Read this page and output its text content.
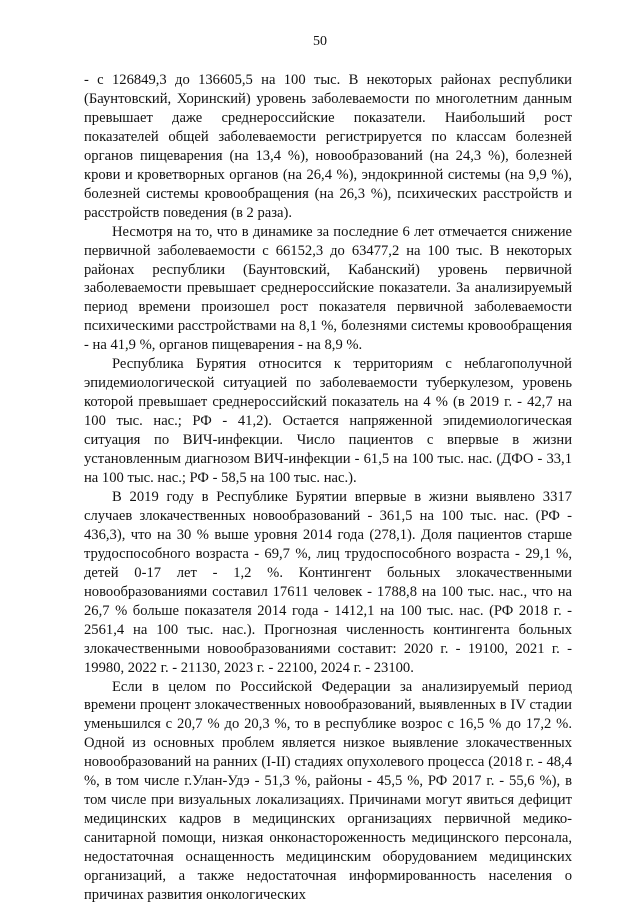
50

- с 126849,3 до 136605,5 на 100 тыс. В некоторых районах республики (Баунтовский, Хоринский) уровень заболеваемости по многолетним данным превышает даже среднероссийские показатели. Наибольший рост показателей общей заболеваемости регистрируется по классам болезней органов пищеварения (на 13,4 %), новообразований (на 24,3 %), болезней крови и кроветворных органов (на 26,4 %), эндокринной системы (на 9,9 %), болезней системы кровообращения (на 26,3 %), психических расстройств и расстройств поведения (в 2 раза).

Несмотря на то, что в динамике за последние 6 лет отмечается снижение первичной заболеваемости с 66152,3 до 63477,2 на 100 тыс. В некоторых районах республики (Баунтовский, Кабанский) уровень первичной заболеваемости превышает среднероссийские показатели. За анализируемый период времени произошел рост показателя первичной заболеваемости психическими расстройствами на 8,1 %, болезнями системы кровообращения - на 41,9 %, органов пищеварения - на 8,9 %.

Республика Бурятия относится к территориям с неблагополучной эпидемиологической ситуацией по заболеваемости туберкулезом, уровень которой превышает среднероссийский показатель на 4 % (в 2019 г. - 42,7 на 100 тыс. нас.; РФ - 41,2). Остается напряженной эпидемиологическая ситуация по ВИЧ-инфекции. Число пациентов с впервые в жизни установленным диагнозом ВИЧ-инфекции - 61,5 на 100 тыс. нас. (ДФО - 33,1 на 100 тыс. нас.; РФ - 58,5 на 100 тыс. нас.).

В 2019 году в Республике Бурятии впервые в жизни выявлено 3317 случаев злокачественных новообразований - 361,5 на 100 тыс. нас. (РФ - 436,3), что на 30 % выше уровня 2014 года (278,1). Доля пациентов старше трудоспособного возраста - 69,7 %, лиц трудоспособного возраста - 29,1 %, детей 0-17 лет - 1,2 %. Контингент больных злокачественными новообразованиями составил 17611 человек - 1788,8 на 100 тыс. нас., что на 26,7 % больше показателя 2014 года - 1412,1 на 100 тыс. нас. (РФ 2018 г. - 2561,4 на 100 тыс. нас.). Прогнозная численность контингента больных злокачественными новообразованиями составит: 2020 г. - 19100, 2021 г. - 19980, 2022 г. - 21130, 2023 г. - 22100, 2024 г. - 23100.

Если в целом по Российской Федерации за анализируемый период времени процент злокачественных новообразований, выявленных в IV стадии уменьшился с 20,7 % до 20,3 %, то в республике возрос с 16,5 % до 17,2 %. Одной из основных проблем является низкое выявление злокачественных новообразований на ранних (I-II) стадиях опухолевого процесса (2018 г. - 48,4 %, в том числе г.Улан-Удэ - 51,3 %, районы - 45,5 %, РФ 2017 г. - 55,6 %), в том числе при визуальных локализациях. Причинами могут явиться дефицит медицинских кадров в медицинских организациях первичной медико-санитарной помощи, низкая онконастороженность медицинского персонала, недостаточная оснащенность медицинским оборудованием медицинских организаций, а также недостаточная информированность населения о причинах развития онкологических
